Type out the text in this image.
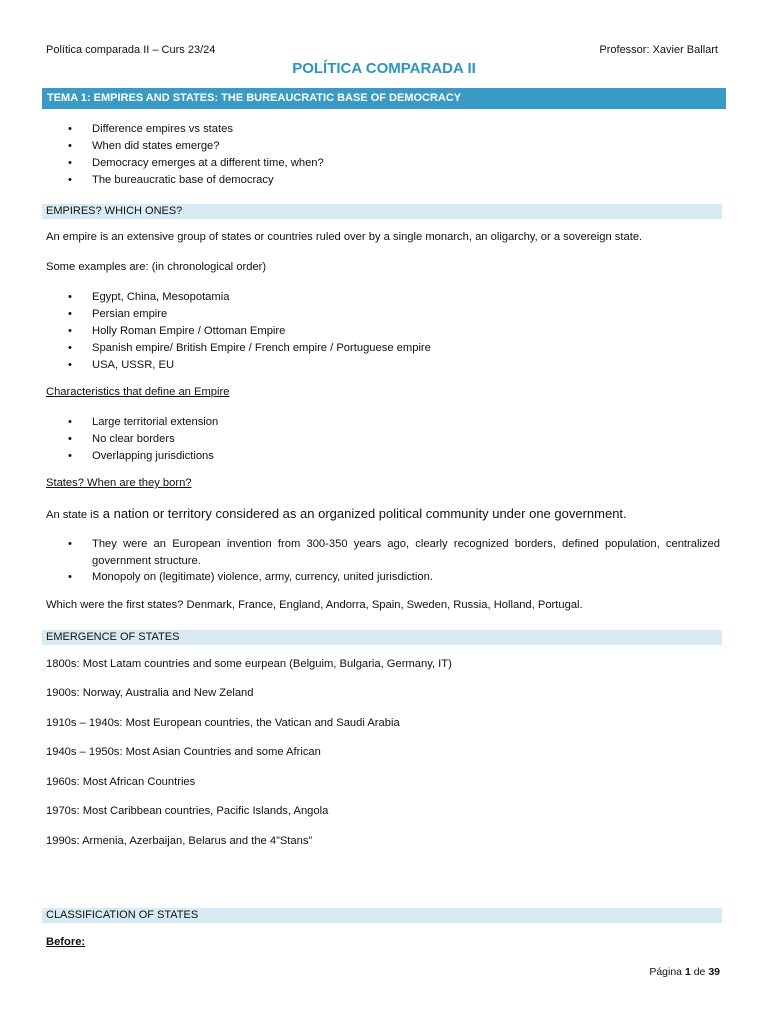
Política comparada II – Curs 23/24	Professor: Xavier Ballart
POLÍTICA COMPARADA II
TEMA 1: EMPIRES AND STATES: THE BUREAUCRATIC BASE OF DEMOCRACY
• Difference empires vs states
• When did states emerge?
• Democracy emerges at a different time, when?
• The bureaucratic base of democracy
EMPIRES? WHICH ONES?
An empire is an extensive group of states or countries ruled over by a single monarch, an oligarchy, or a sovereign state.
Some examples are: (in chronological order)
• Egypt, China, Mesopotamia
• Persian empire
• Holly Roman Empire / Ottoman Empire
• Spanish empire/ British Empire / French empire / Portuguese empire
• USA, USSR, EU
Characteristics that define an Empire
• Large territorial extension
• No clear borders
• Overlapping jurisdictions
States? When are they born?
An state is a nation or territory considered as an organized political community under one government.
• They were an European invention from 300-350 years ago, clearly recognized borders, defined population, centralized government structure.
• Monopoly on (legitimate) violence, army, currency, united jurisdiction.
Which were the first states? Denmark, France, England, Andorra, Spain, Sweden, Russia, Holland, Portugal.
EMERGENCE OF STATES
1800s: Most Latam countries and some eurpean (Belguim, Bulgaria, Germany, IT)
1900s: Norway, Australia and New Zeland
1910s – 1940s: Most European countries, the Vatican and Saudi Arabia
1940s – 1950s: Most Asian Countries and some African
1960s: Most African Countries
1970s: Most Caribbean countries, Pacific Islands, Angola
1990s: Armenia, Azerbaijan, Belarus and the 4”Stans”
CLASSIFICATION OF STATES
Before:
Página 1 de 39
